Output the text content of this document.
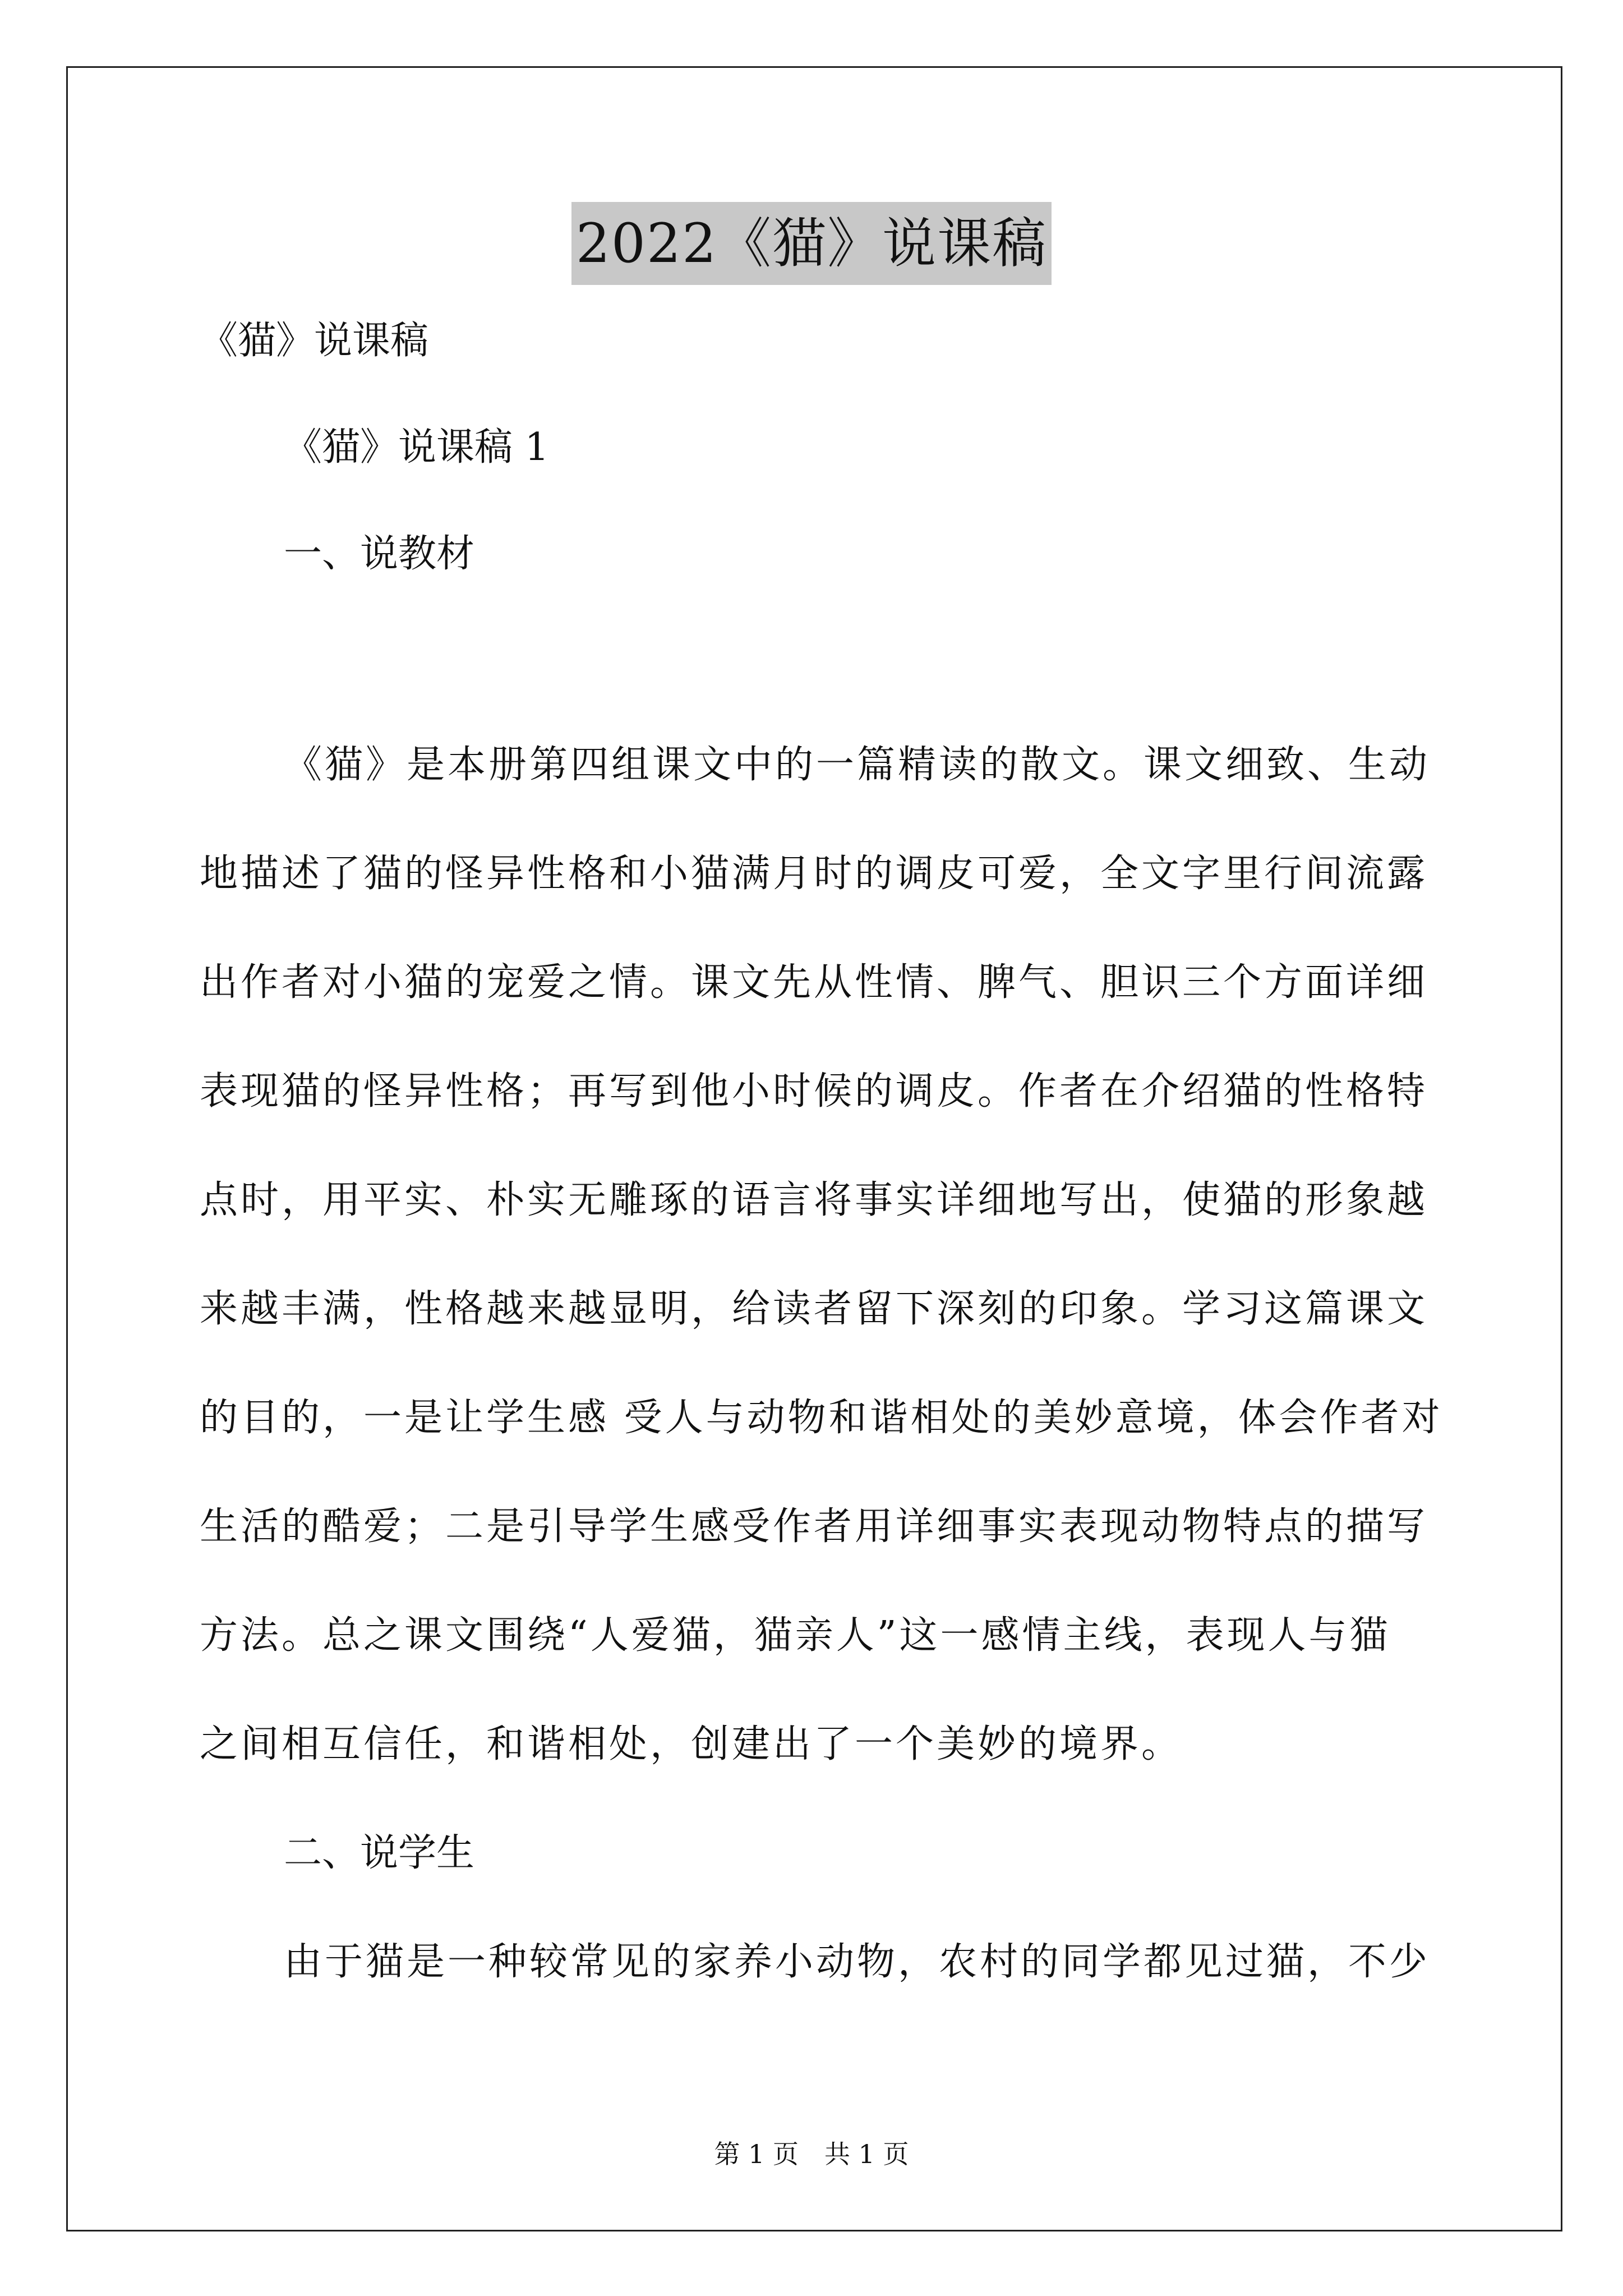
2022《猫》说课稿
《猫》说课稿
《猫》说课稿 1
一、说教材
《猫》是本册第四组课文中的一篇精读的散文。课文细致、生动
地描述了猫的怪异性格和小猫满月时的调皮可爱，全文字里行间流露
出作者对小猫的宠爱之情。课文先从性情、脾气、胆识三个方面详细
表现猫的怪异性格；再写到他小时候的调皮。作者在介绍猫的性格特
点时，用平实、朴实无雕琢的语言将事实详细地写出，使猫的形象越
来越丰满，性格越来越显明，给读者留下深刻的印象。学习这篇课文
的目的，一是让学生感 受人与动物和谐相处的美妙意境，体会作者对
生活的酷爱；二是引导学生感受作者用详细事实表现动物特点的描写
方法。总之课文围绕“人爱猫，猫亲人”这一感情主线，表现人与猫
之间相互信任，和谐相处，创建出了一个美妙的境界。
二、说学生
由于猫是一种较常见的家养小动物，农村的同学都见过猫，不少
第 1 页　共 1 页
